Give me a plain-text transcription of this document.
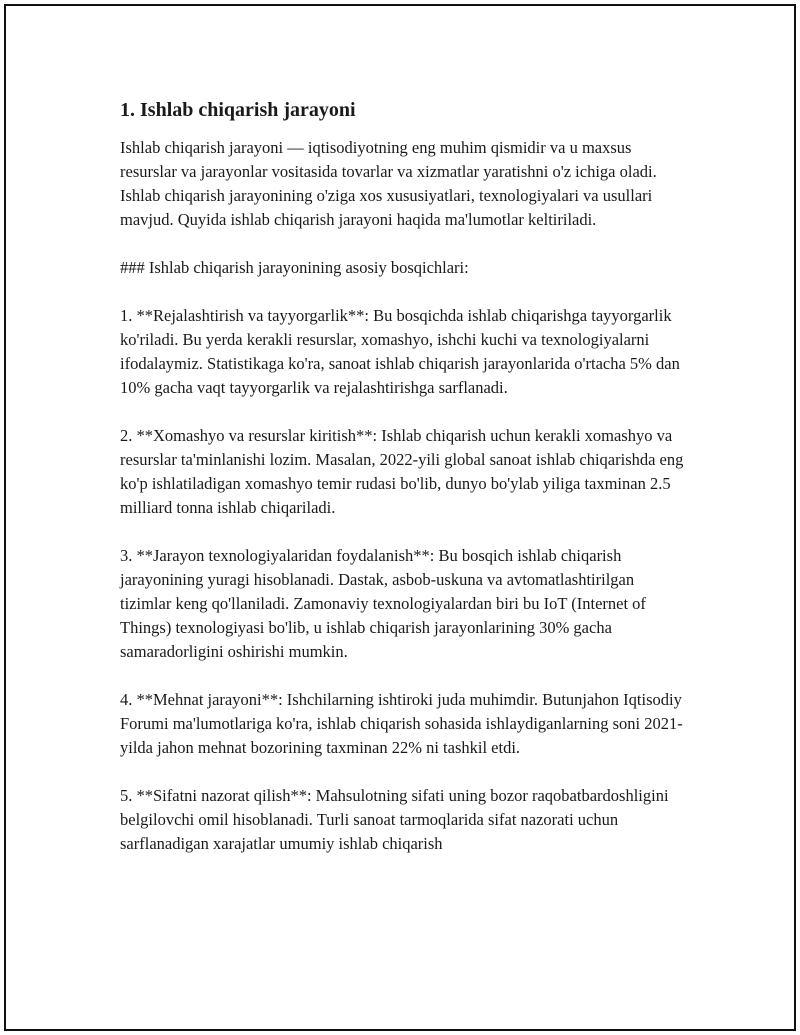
1. Ishlab chiqarish jarayoni

Ishlab chiqarish jarayoni — iqtisodiyotning eng muhim qismidir va u maxsus resurslar va jarayonlar vositasida tovarlar va xizmatlar yaratishni o'z ichiga oladi. Ishlab chiqarish jarayonining o'ziga xos xususiyatlari, texnologiyalari va usullari mavjud. Quyida ishlab chiqarish jarayoni haqida ma'lumotlar keltiriladi.

### Ishlab chiqarish jarayonining asosiy bosqichlari:

1. **Rejalashtirish va tayyorgarlik**: Bu bosqichda ishlab chiqarishga tayyorgarlik ko'riladi. Bu yerda kerakli resurslar, xomashyo, ishchi kuchi va texnologiyalarni ifodalaymiz. Statistikaga ko'ra, sanoat ishlab chiqarish jarayonlarida o'rtacha 5% dan 10% gacha vaqt tayyorgarlik va rejalashtirishga sarflanadi.

2. **Xomashyo va resurslar kiritish**: Ishlab chiqarish uchun kerakli xomashyo va resurslar ta'minlanishi lozim. Masalan, 2022-yili global sanoat ishlab chiqarishda eng ko'p ishlatiladigan xomashyo temir rudasi bo'lib, dunyo bo'ylab yiliga taxminan 2.5 milliard tonna ishlab chiqariladi.

3. **Jarayon texnologiyalaridan foydalanish**: Bu bosqich ishlab chiqarish jarayonining yuragi hisoblanadi. Dastak, asbob-uskuna va avtomatlashtirilgan tizimlar keng qo'llaniladi. Zamonaviy texnologiyalardan biri bu IoT (Internet of Things) texnologiyasi bo'lib, u ishlab chiqarish jarayonlarining 30% gacha samaradorligini oshirishi mumkin.

4. **Mehnat jarayoni**: Ishchilarning ishtiroki juda muhimdir. Butunjahon Iqtisodiy Forumi ma'lumotlariga ko'ra, ishlab chiqarish sohasida ishlaydiganlarning soni 2021-yilda jahon mehnat bozorining taxminan 22% ni tashkil etdi.

5. **Sifatni nazorat qilish**: Mahsulotning sifati uning bozor raqobatbardoshligini belgilovchi omil hisoblanadi. Turli sanoat tarmoqlarida sifat nazorati uchun sarflanadigan xarajatlar umumiy ishlab chiqarish
